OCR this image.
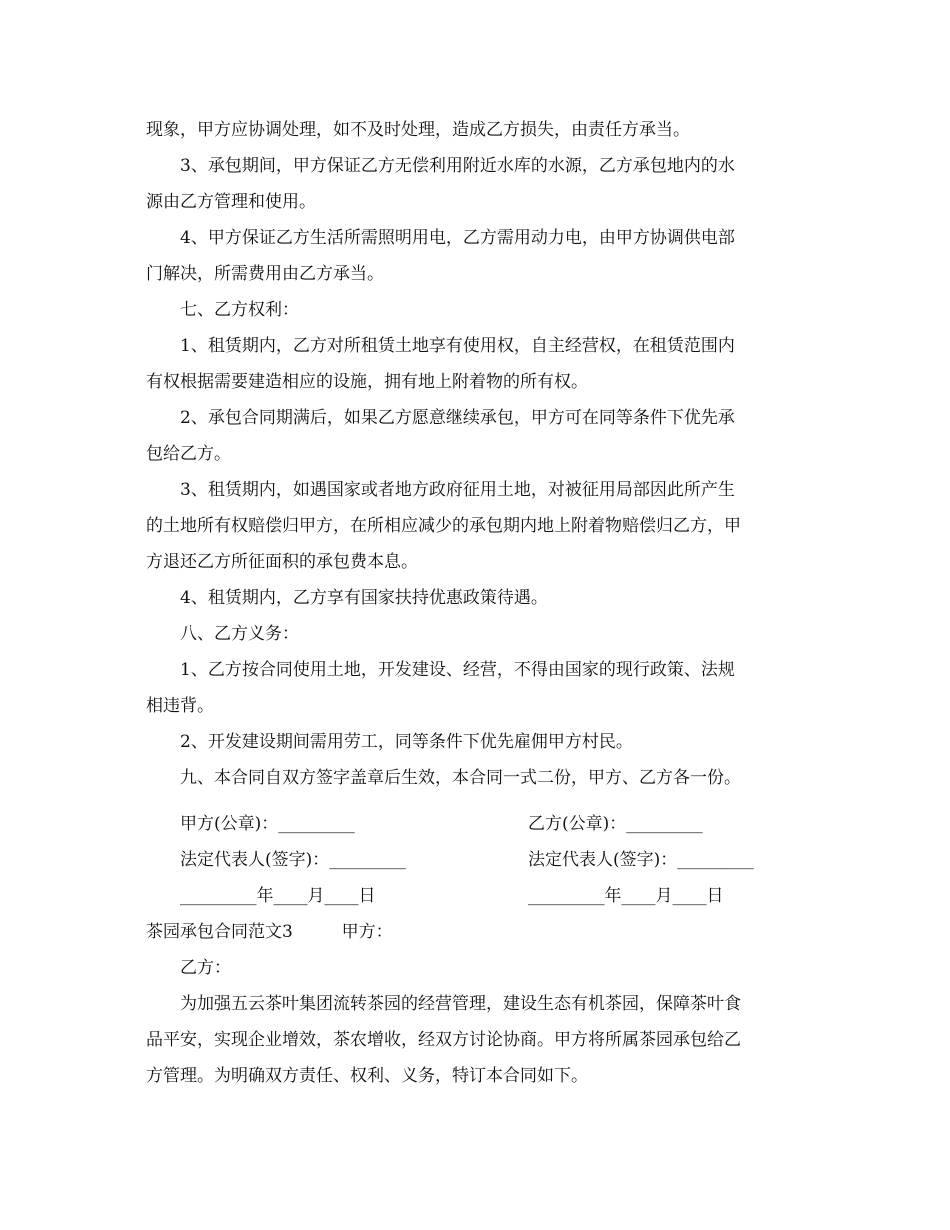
现象，甲方应协调处理，如不及时处理，造成乙方损失，由责任方承当。
3、承包期间，甲方保证乙方无偿利用附近水库的水源，乙方承包地内的水
源由乙方管理和使用。
4、甲方保证乙方生活所需照明用电，乙方需用动力电，由甲方协调供电部
门解决，所需费用由乙方承当。
七、乙方权利：
1、租赁期内，乙方对所租赁土地享有使用权，自主经营权，在租赁范围内
有权根据需要建造相应的设施，拥有地上附着物的所有权。
2、承包合同期满后，如果乙方愿意继续承包，甲方可在同等条件下优先承
包给乙方。
3、租赁期内，如遇国家或者地方政府征用土地，对被征用局部因此所产生
的土地所有权赔偿归甲方，在所相应减少的承包期内地上附着物赔偿归乙方，甲
方退还乙方所征面积的承包费本息。
4、租赁期内，乙方享有国家扶持优惠政策待遇。
八、乙方义务：
1、乙方按合同使用土地，开发建设、经营，不得由国家的现行政策、法规
相违背。
2、开发建设期间需用劳工，同等条件下优先雇佣甲方村民。
九、本合同自双方签字盖章后生效，本合同一式二份，甲方、乙方各一份。
甲方(公章)：_________	乙方(公章)：_________
法定代表人(签字)：_________	法定代表人(签字)：_________
_________年____月____日	_________年____月____日
茶园承包合同范文3	甲方：
乙方：
为加强五云茶叶集团流转茶园的经营管理，建设生态有机茶园，保障茶叶食
品平安，实现企业增效，茶农增收，经双方讨论协商。甲方将所属茶园承包给乙
方管理。为明确双方责任、权利、义务，特订本合同如下。
